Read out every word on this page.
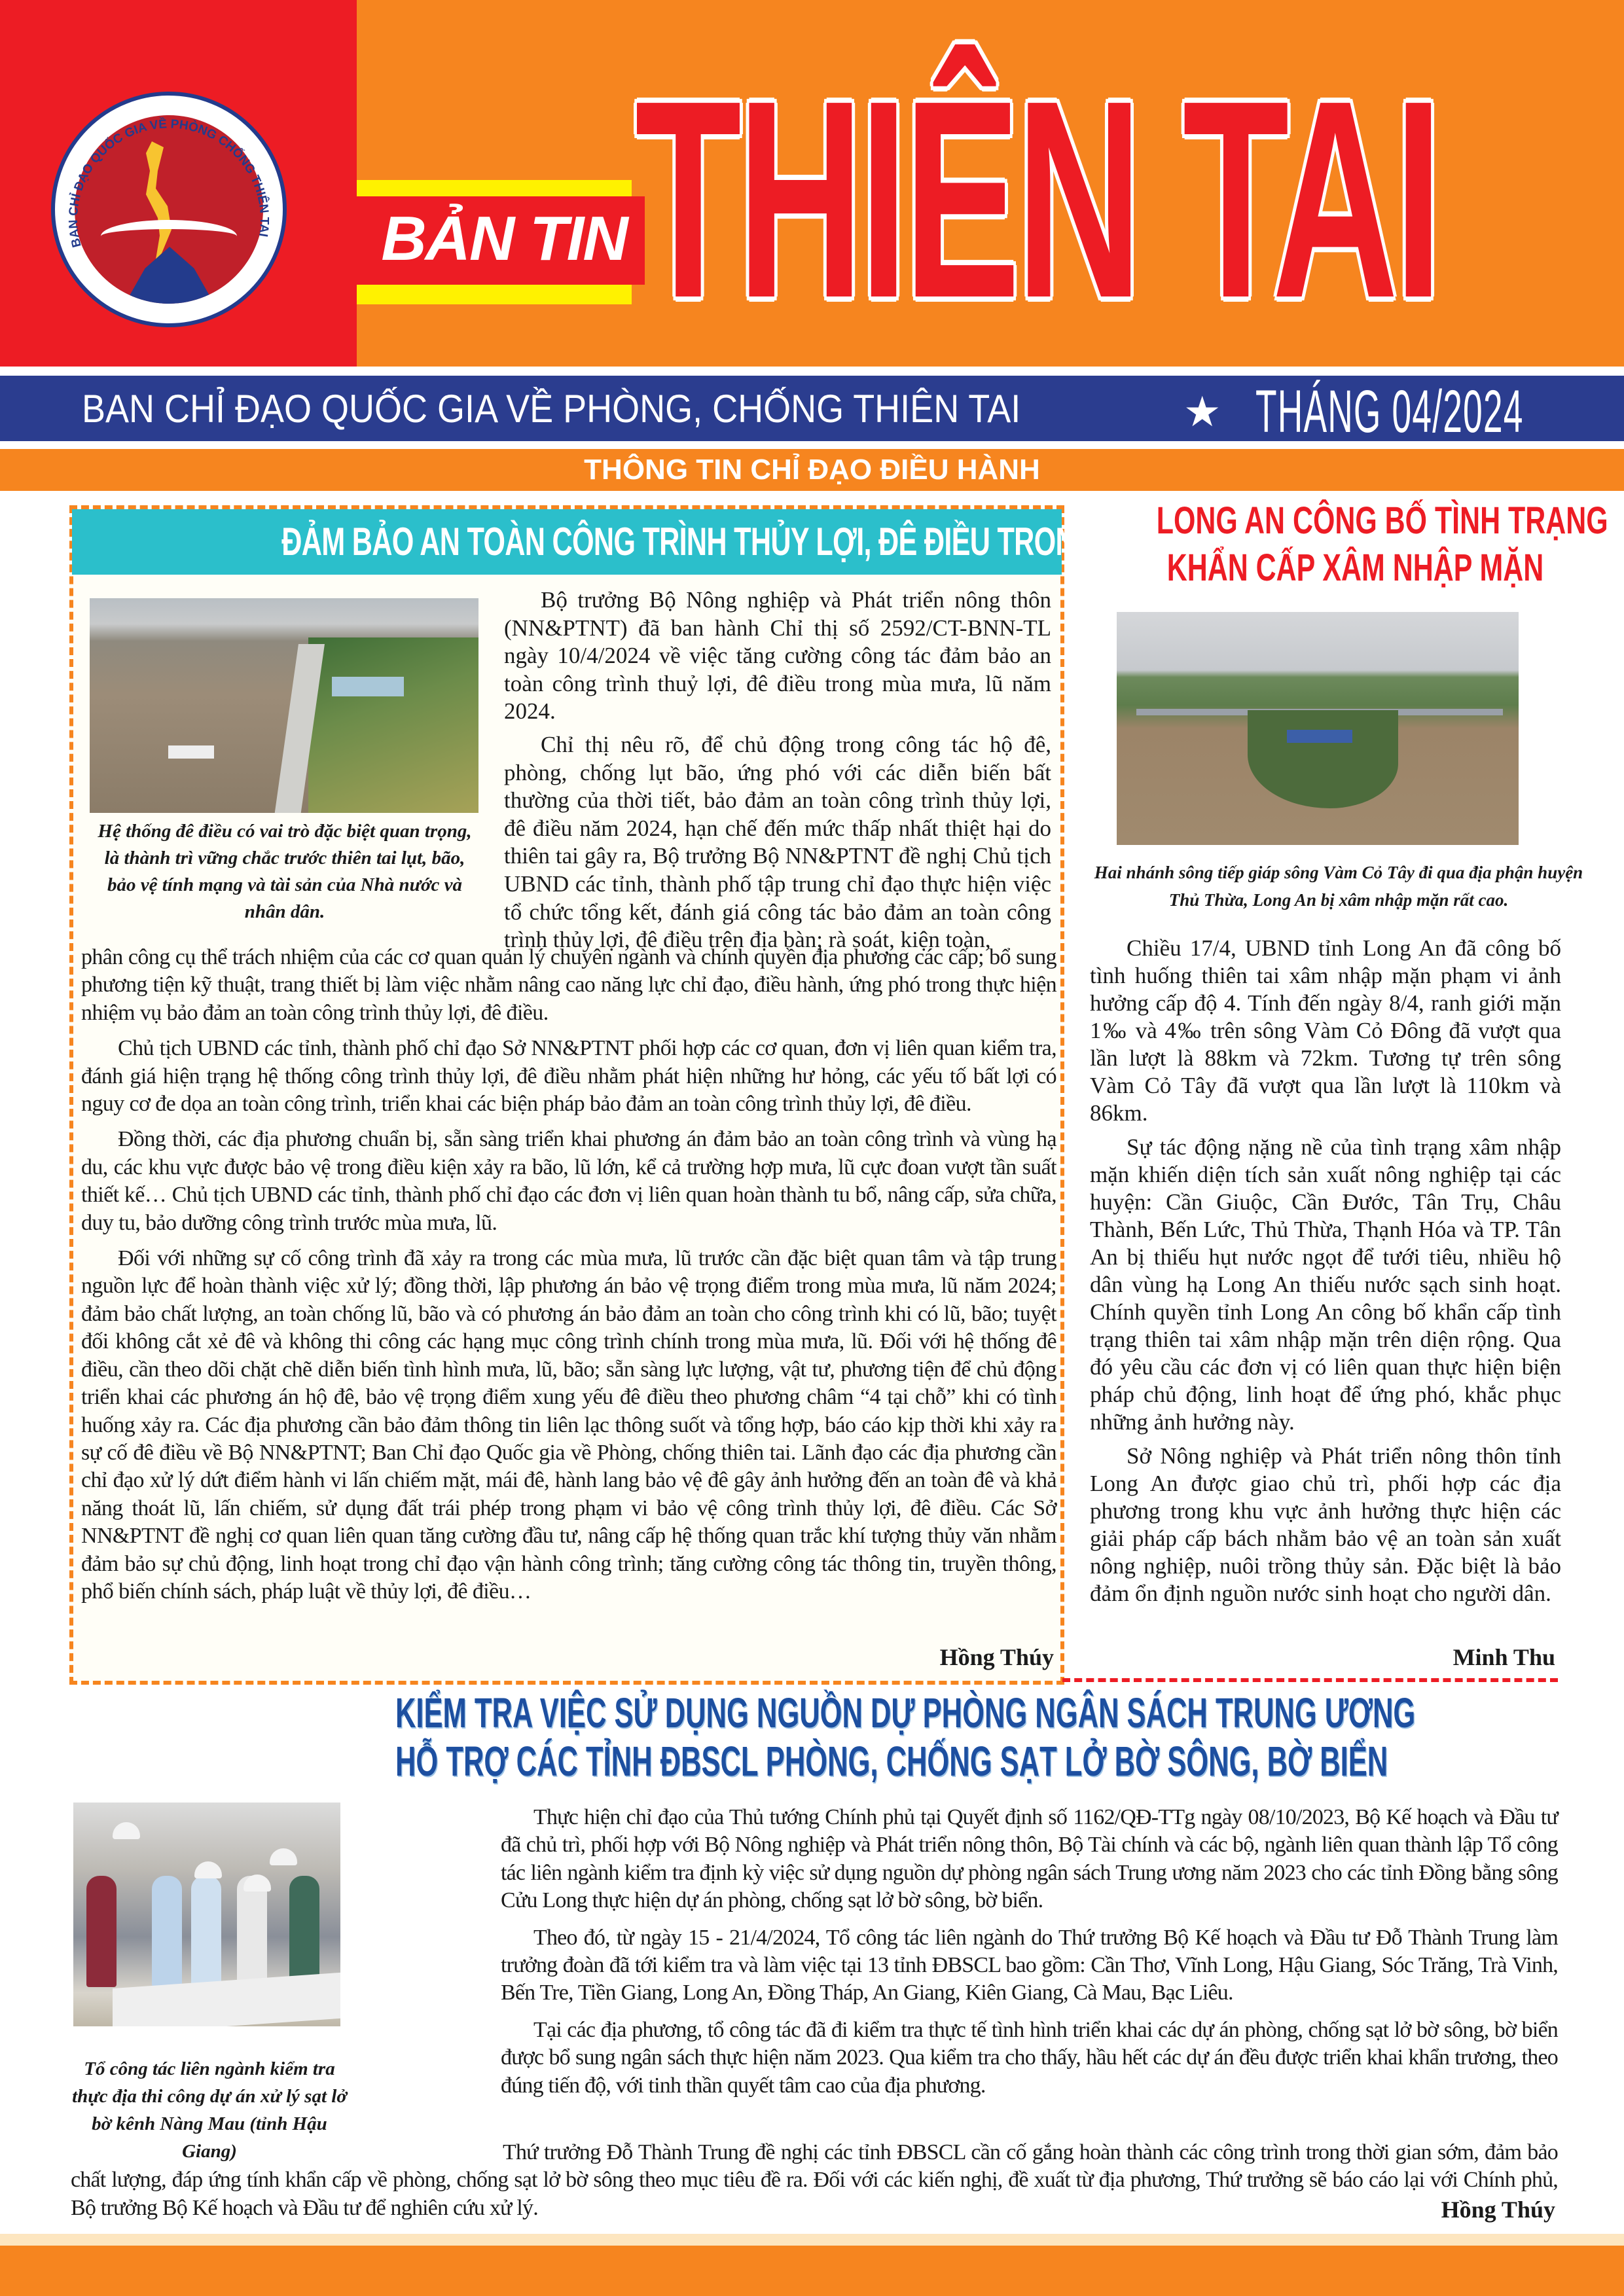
BAN CHỈ ĐẠO QUỐC GIA VỀ PHÒNG CHỐNG THIÊN TAI BẢN TIN THIÊN TAI
BAN CHỈ ĐẠO QUỐC GIA VỀ PHÒNG, CHỐNG THIÊN TAI	★ THÁNG 04/2024
THÔNG TIN CHỈ ĐẠO ĐIỀU HÀNH
ĐẢM BẢO AN TOÀN CÔNG TRÌNH THỦY LỢI, ĐÊ ĐIỀU TRONG MÙA MƯA, LŨ 2024
Hệ thống đê điều có vai trò đặc biệt quan trọng, là thành trì vững chắc trước thiên tai lụt, bão, bảo vệ tính mạng và tài sản của Nhà nước và nhân dân.

Bộ trưởng Bộ Nông nghiệp và Phát triển nông thôn (NN&PTNT) đã ban hành Chỉ thị số 2592/CT-BNN-TL ngày 10/4/2024 về việc tăng cường công tác đảm bảo an toàn công trình thuỷ lợi, đê điều trong mùa mưa, lũ năm 2024.

Chỉ thị nêu rõ, để chủ động trong công tác hộ đê, phòng, chống lụt bão, ứng phó với các diễn biến bất thường của thời tiết, bảo đảm an toàn công trình thủy lợi, đê điều năm 2024, hạn chế đến mức thấp nhất thiệt hại do thiên tai gây ra, Bộ trưởng Bộ NN&PTNT đề nghị Chủ tịch UBND các tỉnh, thành phố tập trung chỉ đạo thực hiện việc tổ chức tổng kết, đánh giá công tác bảo đảm an toàn công trình thủy lợi, đê điều trên địa bàn; rà soát, kiện toàn,

phân công cụ thể trách nhiệm của các cơ quan quản lý chuyên ngành và chính quyền địa phương các cấp; bổ sung phương tiện kỹ thuật, trang thiết bị làm việc nhằm nâng cao năng lực chỉ đạo, điều hành, ứng phó trong thực hiện nhiệm vụ bảo đảm an toàn công trình thủy lợi, đê điều.

Chủ tịch UBND các tỉnh, thành phố chỉ đạo Sở NN&PTNT phối hợp các cơ quan, đơn vị liên quan kiểm tra, đánh giá hiện trạng hệ thống công trình thủy lợi, đê điều nhằm phát hiện những hư hỏng, các yếu tố bất lợi có nguy cơ đe dọa an toàn công trình, triển khai các biện pháp bảo đảm an toàn công trình thủy lợi, đê điều.

Đồng thời, các địa phương chuẩn bị, sẵn sàng triển khai phương án đảm bảo an toàn công trình và vùng hạ du, các khu vực được bảo vệ trong điều kiện xảy ra bão, lũ lớn, kể cả trường hợp mưa, lũ cực đoan vượt tần suất thiết kế… Chủ tịch UBND các tỉnh, thành phố chỉ đạo các đơn vị liên quan hoàn thành tu bổ, nâng cấp, sửa chữa, duy tu, bảo dưỡng công trình trước mùa mưa, lũ.

Đối với những sự cố công trình đã xảy ra trong các mùa mưa, lũ trước cần đặc biệt quan tâm và tập trung nguồn lực để hoàn thành việc xử lý; đồng thời, lập phương án bảo vệ trọng điểm trong mùa mưa, lũ năm 2024; đảm bảo chất lượng, an toàn chống lũ, bão và có phương án bảo đảm an toàn cho công trình khi có lũ, bão; tuyệt đối không cắt xẻ đê và không thi công các hạng mục công trình chính trong mùa mưa, lũ. Đối với hệ thống đê điều, cần theo dõi chặt chẽ diễn biến tình hình mưa, lũ, bão; sẵn sàng lực lượng, vật tư, phương tiện để chủ động triển khai các phương án hộ đê, bảo vệ trọng điểm xung yếu đê điều theo phương châm “4 tại chỗ” khi có tình huống xảy ra. Các địa phương cần bảo đảm thông tin liên lạc thông suốt và tổng hợp, báo cáo kịp thời khi xảy ra sự cố đê điều về Bộ NN&PTNT; Ban Chỉ đạo Quốc gia về Phòng, chống thiên tai. Lãnh đạo các địa phương cần chỉ đạo xử lý dứt điểm hành vi lấn chiếm mặt, mái đê, hành lang bảo vệ đê gây ảnh hưởng đến an toàn đê và khả năng thoát lũ, lấn chiếm, sử dụng đất trái phép trong phạm vi bảo vệ công trình thủy lợi, đê điều. Các Sở NN&PTNT đề nghị cơ quan liên quan tăng cường đầu tư, nâng cấp hệ thống quan trắc khí tượng thủy văn nhằm đảm bảo sự chủ động, linh hoạt trong chỉ đạo vận hành công trình; tăng cường công tác thông tin, truyền thông, phổ biến chính sách, pháp luật về thủy lợi, đê điều…

Hồng Thúy
LONG AN CÔNG BỐ TÌNH TRẠNG
KHẨN CẤP XÂM NHẬP MẶN
Hai nhánh sông tiếp giáp sông Vàm Cỏ Tây đi qua địa phận huyện Thủ Thừa, Long An bị xâm nhập mặn rất cao.

Chiều 17/4, UBND tỉnh Long An đã công bố tình huống thiên tai xâm nhập mặn phạm vi ảnh hưởng cấp độ 4. Tính đến ngày 8/4, ranh giới mặn 1‰ và 4‰ trên sông Vàm Cỏ Đông đã vượt qua lần lượt là 88km và 72km. Tương tự trên sông Vàm Cỏ Tây đã vượt qua lần lượt là 110km và 86km.

Sự tác động nặng nề của tình trạng xâm nhập mặn khiến diện tích sản xuất nông nghiệp tại các huyện: Cần Giuộc, Cần Đước, Tân Trụ, Châu Thành, Bến Lức, Thủ Thừa, Thạnh Hóa và TP. Tân An bị thiếu hụt nước ngọt để tưới tiêu, nhiều hộ dân vùng hạ Long An thiếu nước sạch sinh hoạt. Chính quyền tỉnh Long An công bố khẩn cấp tình trạng thiên tai xâm nhập mặn trên diện rộng. Qua đó yêu cầu các đơn vị có liên quan thực hiện biện pháp chủ động, linh hoạt để ứng phó, khắc phục những ảnh hưởng này.

Sở Nông nghiệp và Phát triển nông thôn tỉnh Long An được giao chủ trì, phối hợp các địa phương trong khu vực ảnh hưởng thực hiện các giải pháp cấp bách nhằm bảo vệ an toàn sản xuất nông nghiệp, nuôi trồng thủy sản. Đặc biệt là bảo đảm ổn định nguồn nước sinh hoạt cho người dân.

Minh Thu
KIỂM TRA VIỆC SỬ DỤNG NGUỒN DỰ PHÒNG NGÂN SÁCH TRUNG ƯƠNG
HỖ TRỢ CÁC TỈNH ĐBSCL PHÒNG, CHỐNG SẠT LỞ BỜ SÔNG, BỜ BIỂN
Tổ công tác liên ngành kiểm tra thực địa thi công dự án xử lý sạt lở bờ kênh Nàng Mau (tỉnh Hậu Giang)

Thực hiện chỉ đạo của Thủ tướng Chính phủ tại Quyết định số 1162/QĐ-TTg ngày 08/10/2023, Bộ Kế hoạch và Đầu tư đã chủ trì, phối hợp với Bộ Nông nghiệp và Phát triển nông thôn, Bộ Tài chính và các bộ, ngành liên quan thành lập Tổ công tác liên ngành kiểm tra định kỳ việc sử dụng nguồn dự phòng ngân sách Trung ương năm 2023 cho các tỉnh Đồng bằng sông Cửu Long thực hiện dự án phòng, chống sạt lở bờ sông, bờ biển.

Theo đó, từ ngày 15 - 21/4/2024, Tổ công tác liên ngành do Thứ trưởng Bộ Kế hoạch và Đầu tư Đỗ Thành Trung làm trưởng đoàn đã tới kiểm tra và làm việc tại 13 tỉnh ĐBSCL bao gồm: Cần Thơ, Vĩnh Long, Hậu Giang, Sóc Trăng, Trà Vinh, Bến Tre, Tiền Giang, Long An, Đồng Tháp, An Giang, Kiên Giang, Cà Mau, Bạc Liêu.

Tại các địa phương, tổ công tác đã đi kiểm tra thực tế tình hình triển khai các dự án phòng, chống sạt lở bờ sông, bờ biển được bổ sung ngân sách thực hiện năm 2023. Qua kiểm tra cho thấy, hầu hết các dự án đều được triển khai khẩn trương, theo đúng tiến độ, với tinh thần quyết tâm cao của địa phương.

Thứ trưởng Đỗ Thành Trung đề nghị các tỉnh ĐBSCL cần cố gắng hoàn thành các công trình trong thời gian sớm, đảm bảo chất lượng, đáp ứng tính khẩn cấp về phòng, chống sạt lở bờ sông theo mục tiêu đề ra. Đối với các kiến nghị, đề xuất từ địa phương, Thứ trưởng sẽ báo cáo lại với Chính phủ, Bộ trưởng Bộ Kế hoạch và Đầu tư để nghiên cứu xử lý.	Hồng Thúy
